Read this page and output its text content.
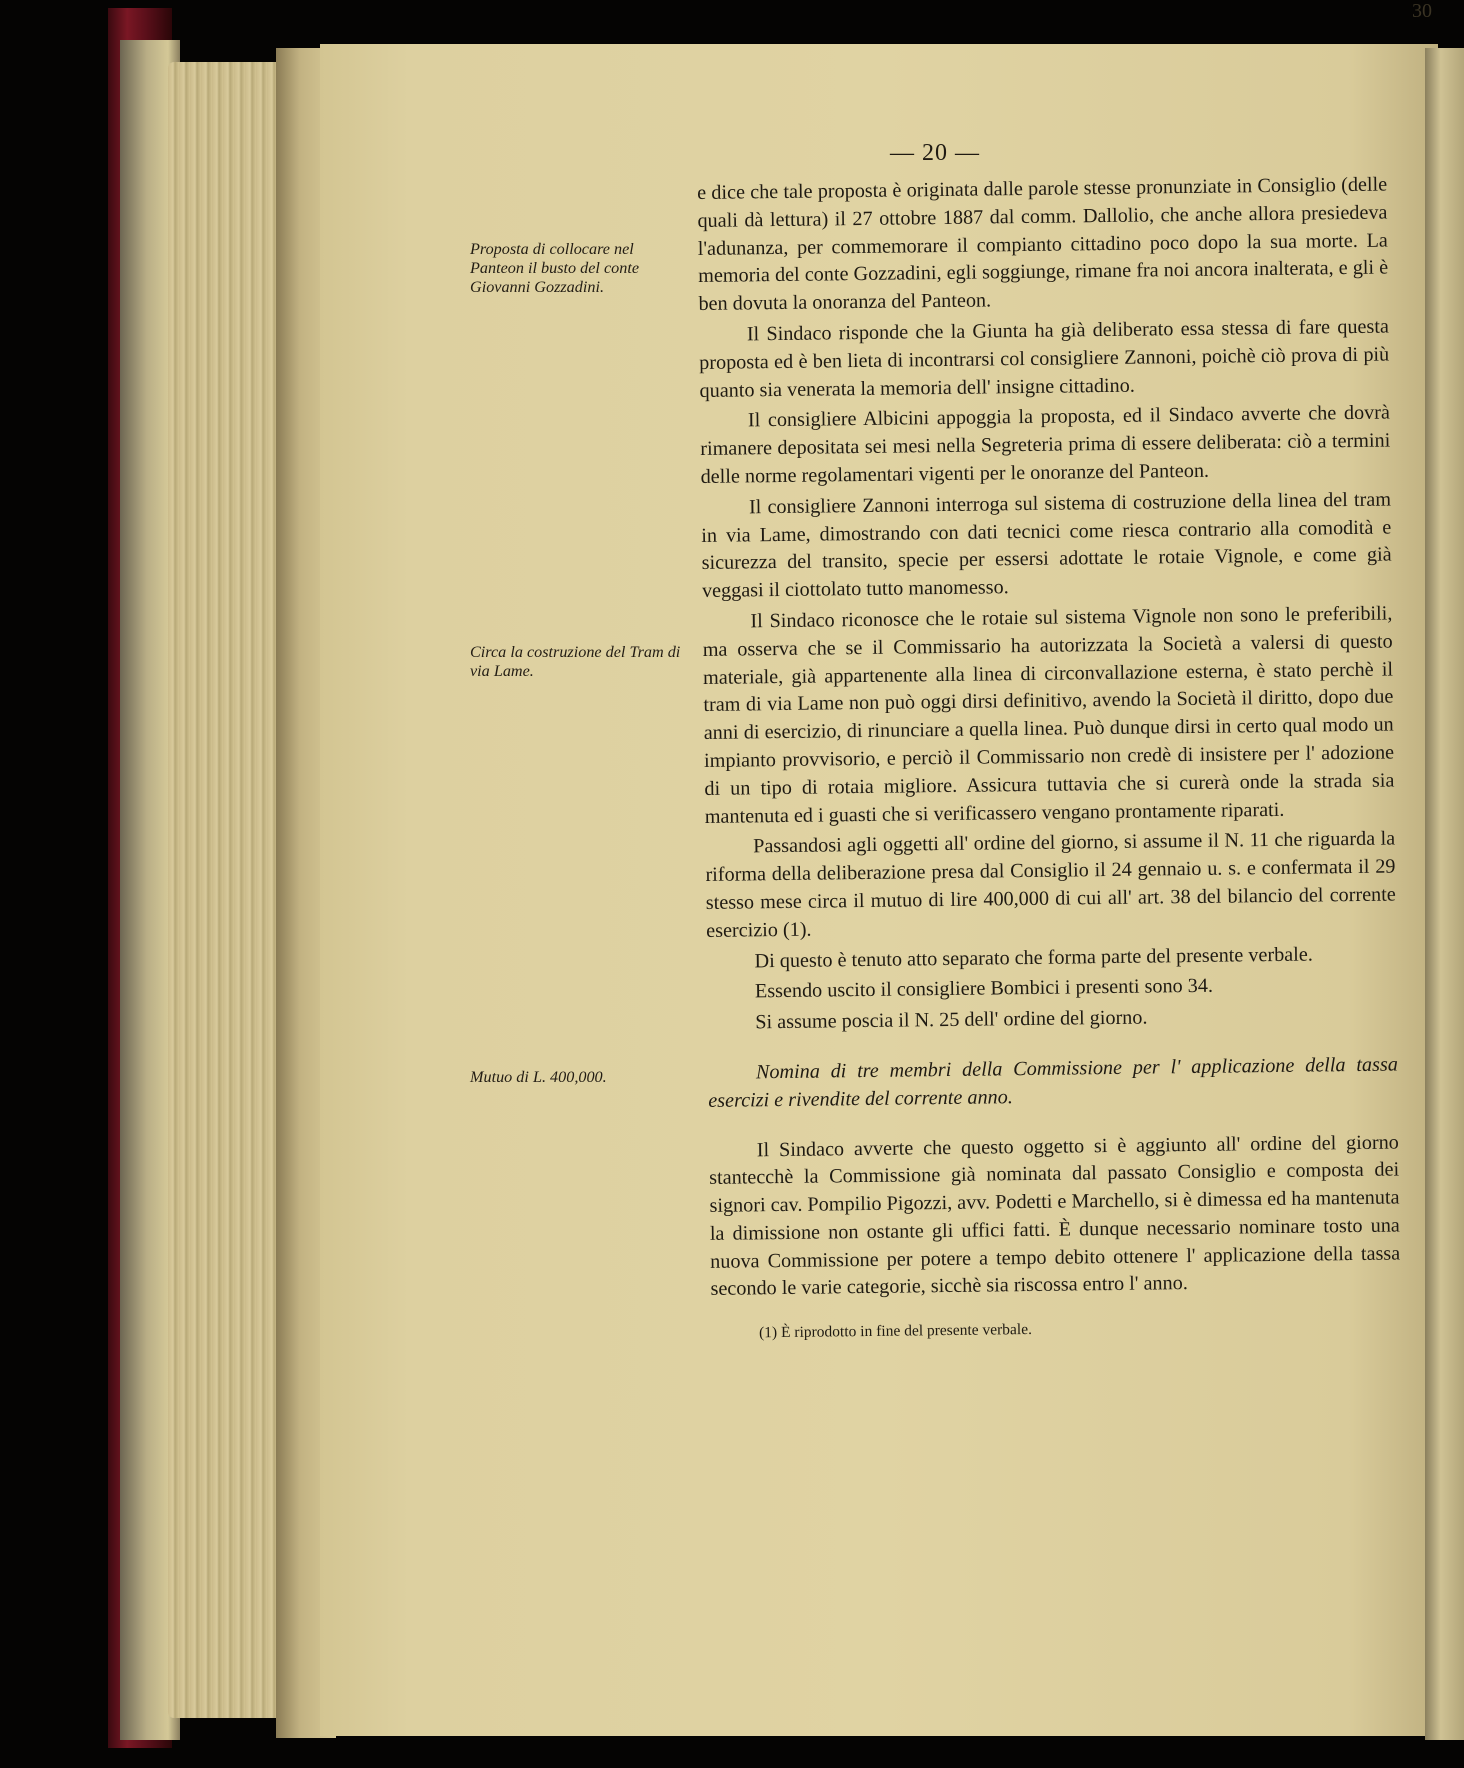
30
— 20 —
Proposta di collocare nel Panteon il busto del conte Giovanni Gozzadini.
Circa la costruzione del Tram di via Lame.
Mutuo di L. 400,000.

e dice che tale proposta è originata dalle parole stesse pronunziate in Consiglio (delle quali dà lettura) il 27 ottobre 1887 dal comm. Dallolio, che anche allora presiedeva l'adunanza, per commemorare il compianto cittadino poco dopo la sua morte. La memoria del conte Gozzadini, egli soggiunge, rimane fra noi ancora inalterata, e gli è ben dovuta la onoranza del Panteon.

Il Sindaco risponde che la Giunta ha già deliberato essa stessa di fare questa proposta ed è ben lieta di incontrarsi col consigliere Zannoni, poichè ciò prova di più quanto sia venerata la memoria dell' insigne cittadino.

Il consigliere Albicini appoggia la proposta, ed il Sindaco avverte che dovrà rimanere depositata sei mesi nella Segreteria prima di essere deliberata: ciò a termini delle norme regolamentari vigenti per le onoranze del Panteon.

Il consigliere Zannoni interroga sul sistema di costruzione della linea del tram in via Lame, dimostrando con dati tecnici come riesca contrario alla comodità e sicurezza del transito, specie per essersi adottate le rotaie Vignole, e come già veggasi il ciottolato tutto manomesso.

Il Sindaco riconosce che le rotaie sul sistema Vignole non sono le preferibili, ma osserva che se il Commissario ha autorizzata la Società a valersi di questo materiale, già appartenente alla linea di circonvallazione esterna, è stato perchè il tram di via Lame non può oggi dirsi definitivo, avendo la Società il diritto, dopo due anni di esercizio, di rinunciare a quella linea. Può dunque dirsi in certo qual modo un impianto provvisorio, e perciò il Commissario non credè di insistere per l' adozione di un tipo di rotaia migliore. Assicura tuttavia che si curerà onde la strada sia mantenuta ed i guasti che si verificassero vengano prontamente riparati.

Passandosi agli oggetti all' ordine del giorno, si assume il N. 11 che riguarda la riforma della deliberazione presa dal Consiglio il 24 gennaio u. s. e confermata il 29 stesso mese circa il mutuo di lire 400,000 di cui all' art. 38 del bilancio del corrente esercizio (1).

Di questo è tenuto atto separato che forma parte del presente verbale.

Essendo uscito il consigliere Bombici i presenti sono 34.

Si assume poscia il N. 25 dell' ordine del giorno.

Nomina di tre membri della Commissione per l' applicazione della tassa esercizi e rivendite del corrente anno.

Il Sindaco avverte che questo oggetto si è aggiunto all' ordine del giorno stantecchè la Commissione già nominata dal passato Consiglio e composta dei signori cav. Pompilio Pigozzi, avv. Podetti e Marchello, si è dimessa ed ha mantenuta la dimissione non ostante gli uffici fatti. È dunque necessario nominare tosto una nuova Commissione per potere a tempo debito ottenere l' applicazione della tassa secondo le varie categorie, sicchè sia riscossa entro l' anno.

(1) È riprodotto in fine del presente verbale.
